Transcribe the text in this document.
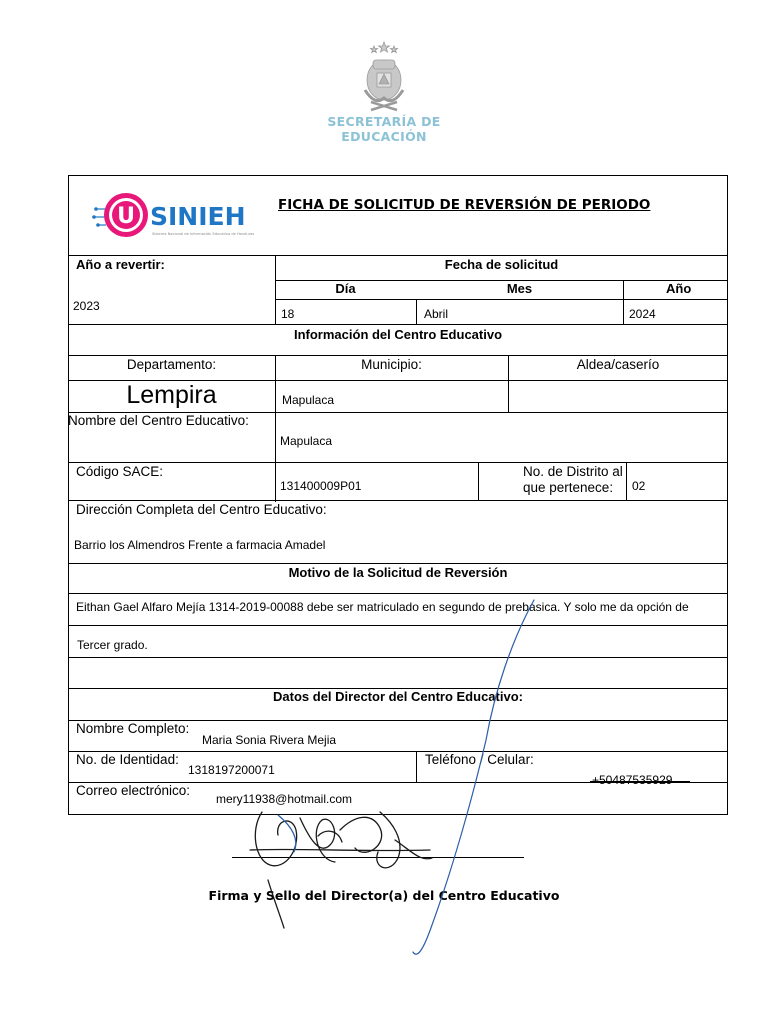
SECRETARÍA DE
EDUCACIÓN
U SINIEH
Sistema Nacional de Información Educativa de Honduras
FICHA DE SOLICITUD DE REVERSIÓN DE PERIODO
Año a revertir:	Fecha de solicitud
2023
Día	Mes	Año
18	Abril	2024
Información del Centro Educativo
Departamento:	Municipio:	Aldea/caserío
Lempira	Mapulaca
Nombre del Centro Educativo:
Mapulaca
Código SACE:
131400009P01
No. de Distrito al
que pertenece: 02
Dirección Completa del Centro Educativo:
Barrio los Almendros Frente a farmacia Amadel
Motivo de la Solicitud de Reversión
Eithan Gael Alfaro Mejía 1314-2019-00088 debe ser matriculado en segundo de prebasica. Y solo me da opción de
Tercer grado.
Datos del Director del Centro Educativo:
Nombre Completo:
Maria Sonia Rivera Mejia
No. de Identidad:
1318197200071
Teléfono / Celular:
+50487535929
Correo electrónico:
mery11938@hotmail.com
Firma y Sello del Director(a) del Centro Educativo
